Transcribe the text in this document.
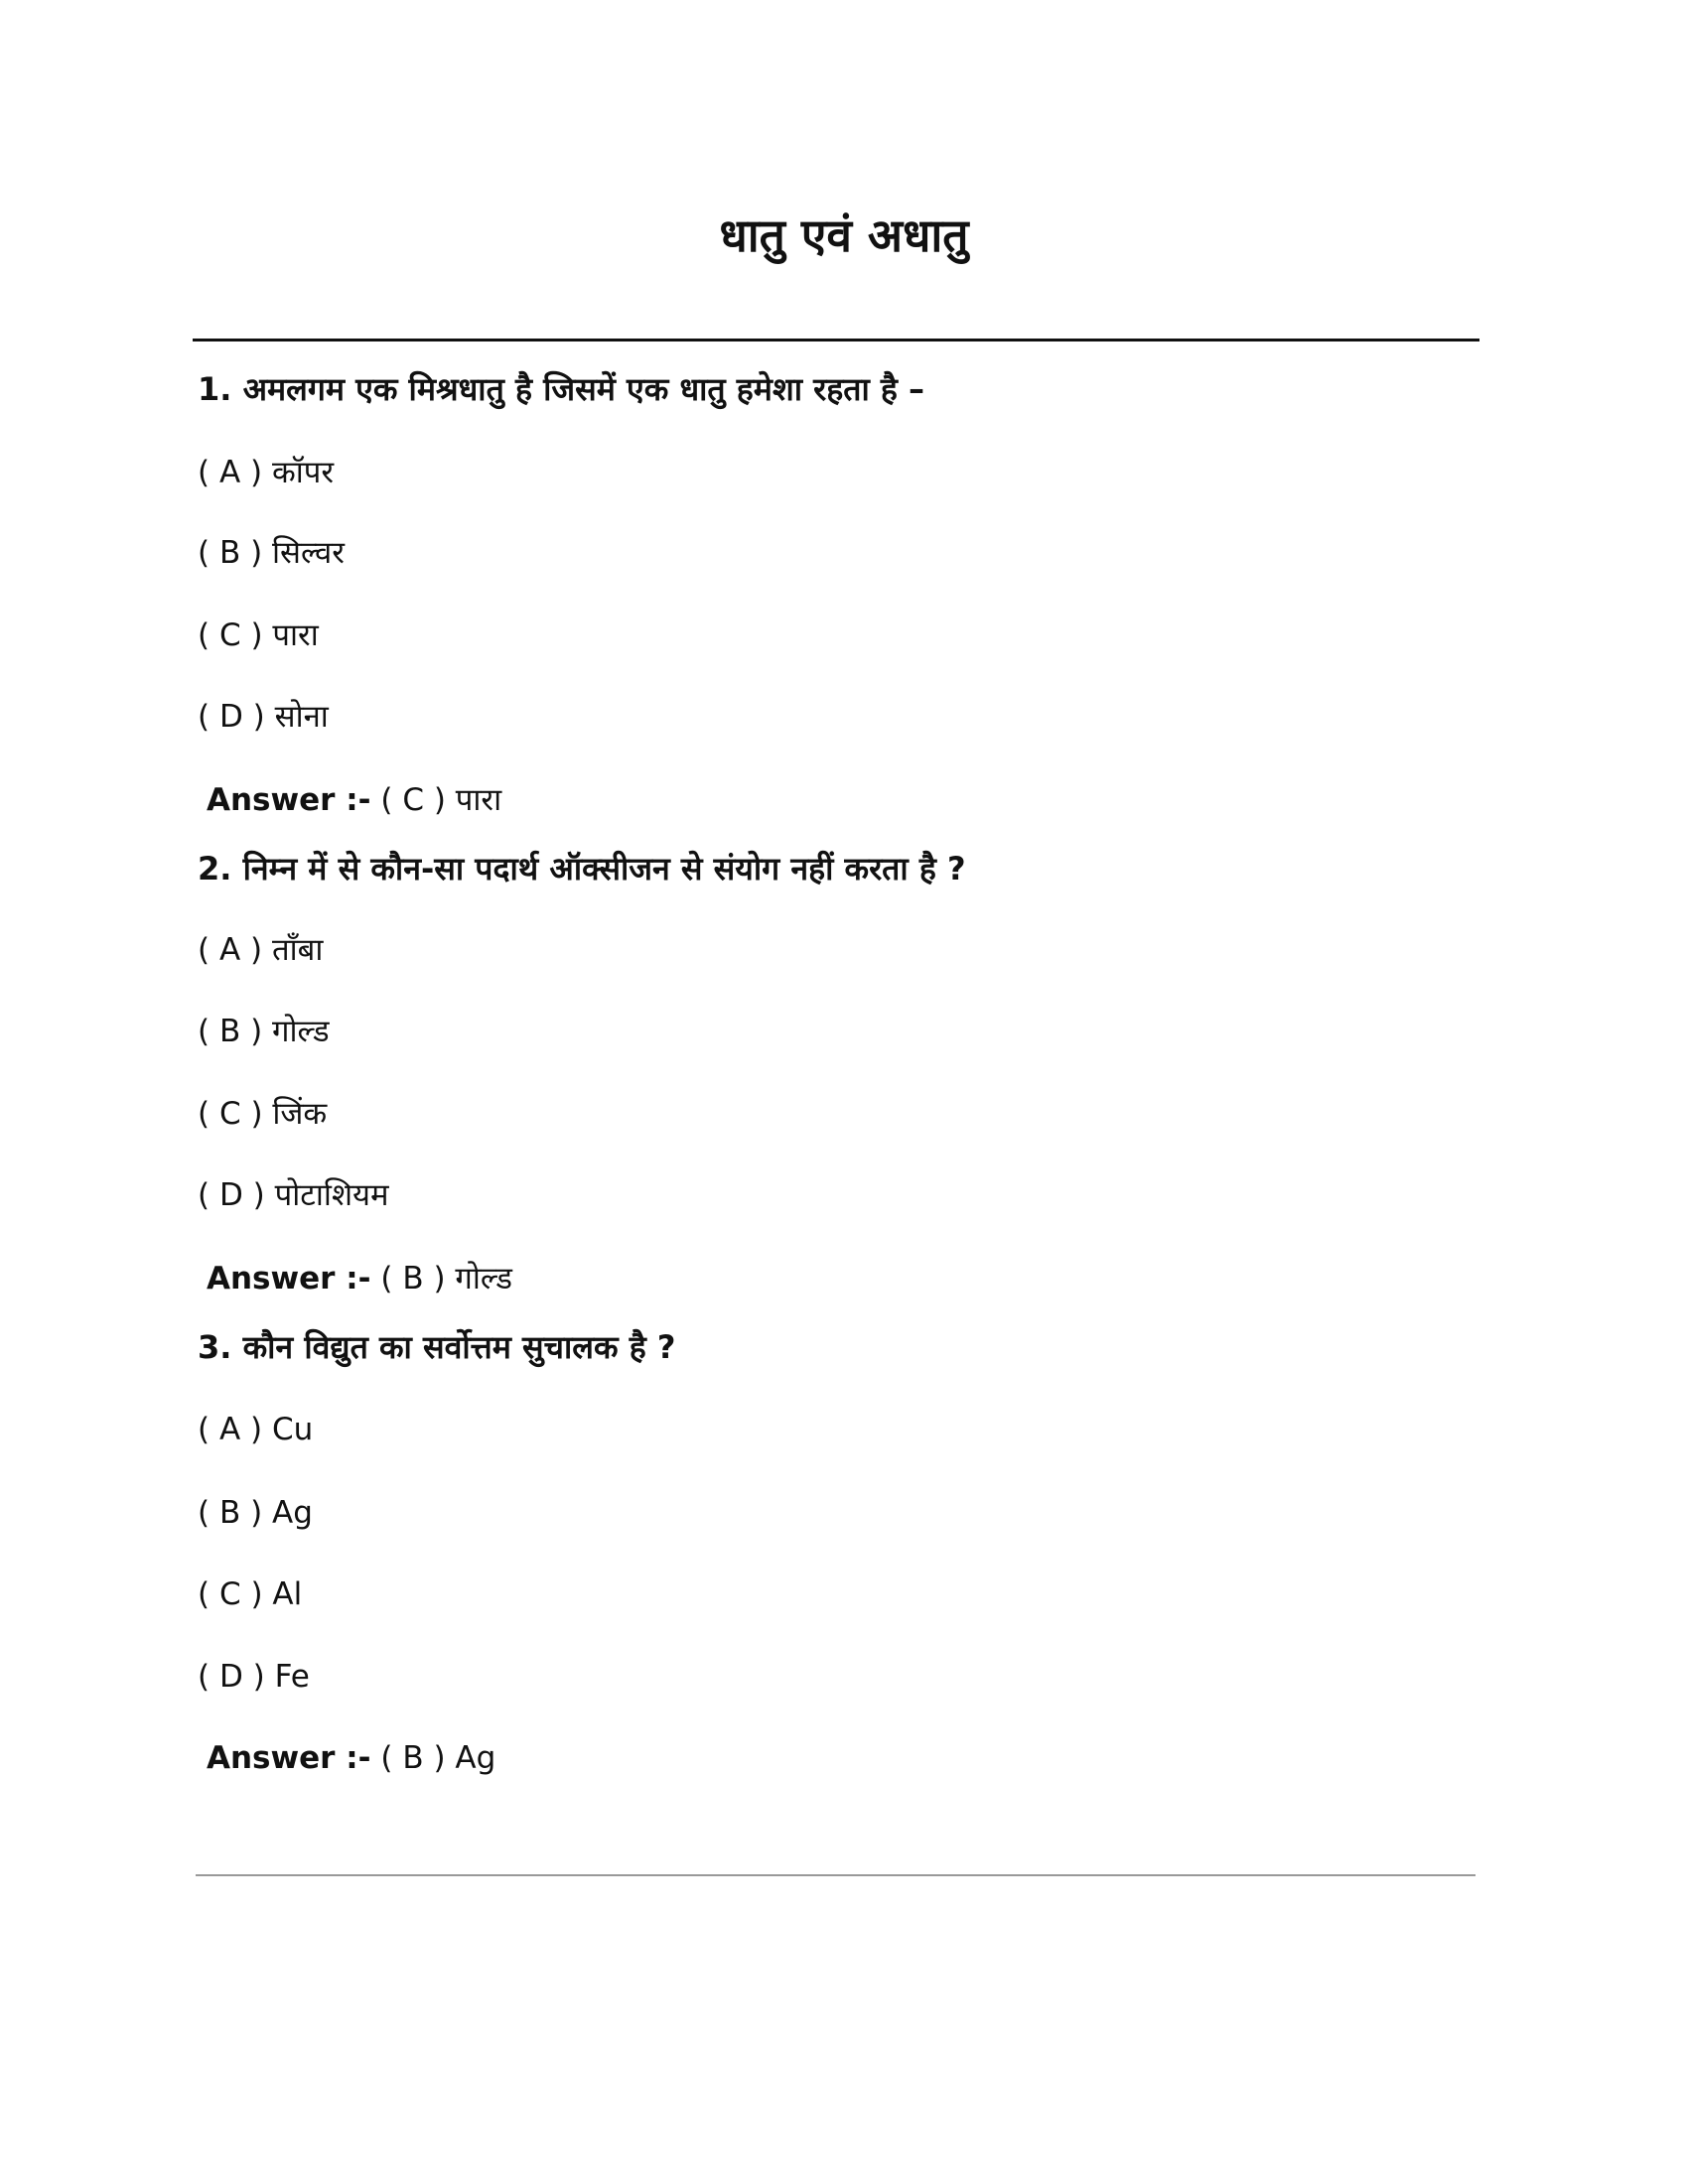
धातु एवं अधातु
1. अमलगम एक मिश्रधातु है जिसमें एक धातु हमेशा रहता है –
( A ) कॉपर
( B ) सिल्वर
( C ) पारा
( D ) सोना
Answer :- ( C ) पारा
2. निम्न में से कौन-सा पदार्थ ऑक्सीजन से संयोग नहीं करता है ?
( A ) ताँबा
( B ) गोल्ड
( C ) जिंक
( D ) पोटाशियम
Answer :- ( B ) गोल्ड
3. कौन विद्युत का सर्वोत्तम सुचालक है ?
( A ) Cu
( B ) Ag
( C ) Al
( D ) Fe
Answer :- ( B ) Ag
